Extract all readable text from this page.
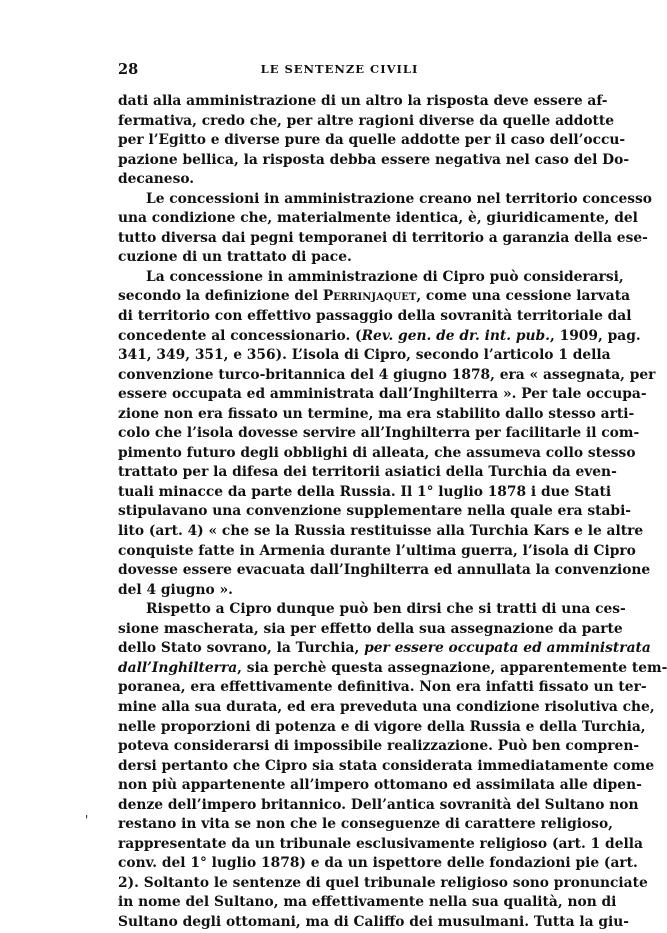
28	LE SENTENZE CIVILI
dati alla amministrazione di un altro la risposta deve essere af-
fermativa, credo che, per altre ragioni diverse da quelle addotte
per l’Egitto e diverse pure da quelle addotte per il caso dell’occu-
pazione bellica, la risposta debba essere negativa nel caso del Do-
decaneso.
Le concessioni in amministrazione creano nel territorio concesso
una condizione che, materialmente identica, è, giuridicamente, del
tutto diversa dai pegni temporanei di territorio a garanzia della ese-
cuzione di un trattato di pace.
La concessione in amministrazione di Cipro può considerarsi,
secondo la definizione del Perrinjaquet, come una cessione larvata
di territorio con effettivo passaggio della sovranità territoriale dal
concedente al concessionario. (Rev. gen. de dr. int. pub., 1909, pag.
341, 349, 351, e 356). L’isola di Cipro, secondo l’articolo 1 della
convenzione turco-britannica del 4 giugno 1878, era « assegnata, per
essere occupata ed amministrata dall’Inghilterra ». Per tale occupa-
zione non era fissato un termine, ma era stabilito dallo stesso arti-
colo che l’isola dovesse servire all’Inghilterra per facilitarle il com-
pimento futuro degli obblighi di alleata, che assumeva collo stesso
trattato per la difesa dei territorii asiatici della Turchia da even-
tuali minacce da parte della Russia. Il 1° luglio 1878 i due Stati
stipulavano una convenzione supplementare nella quale era stabi-
lito (art. 4) « che se la Russia restituisse alla Turchia Kars e le altre
conquiste fatte in Armenia durante l’ultima guerra, l’isola di Cipro
dovesse essere evacuata dall’Inghilterra ed annullata la convenzione
del 4 giugno ».
Rispetto a Cipro dunque può ben dirsi che si tratti di una ces-
sione mascherata, sia per effetto della sua assegnazione da parte
dello Stato sovrano, la Turchia, per essere occupata ed amministrata
dall’Inghilterra, sia perchè questa assegnazione, apparentemente tem-
poranea, era effettivamente definitiva. Non era infatti fissato un ter-
mine alla sua durata, ed era preveduta una condizione risolutiva che,
nelle proporzioni di potenza e di vigore della Russia e della Turchia,
poteva considerarsi di impossibile realizzazione. Può ben compren-
dersi pertanto che Cipro sia stata considerata immediatamente come
non più appartenente all’impero ottomano ed assimilata alle dipen-
denze dell’impero britannico. Dell’antica sovranità del Sultano non
restano in vita se non che le conseguenze di carattere religioso,
rappresentate da un tribunale esclusivamente religioso (art. 1 della
conv. del 1° luglio 1878) e da un ispettore delle fondazioni pie (art.
2). Soltanto le sentenze di quel tribunale religioso sono pronunciate
in nome del Sultano, ma effettivamente nella sua qualità, non di
Sultano degli ottomani, ma di Califfo dei musulmani. Tutta la giu-
'
